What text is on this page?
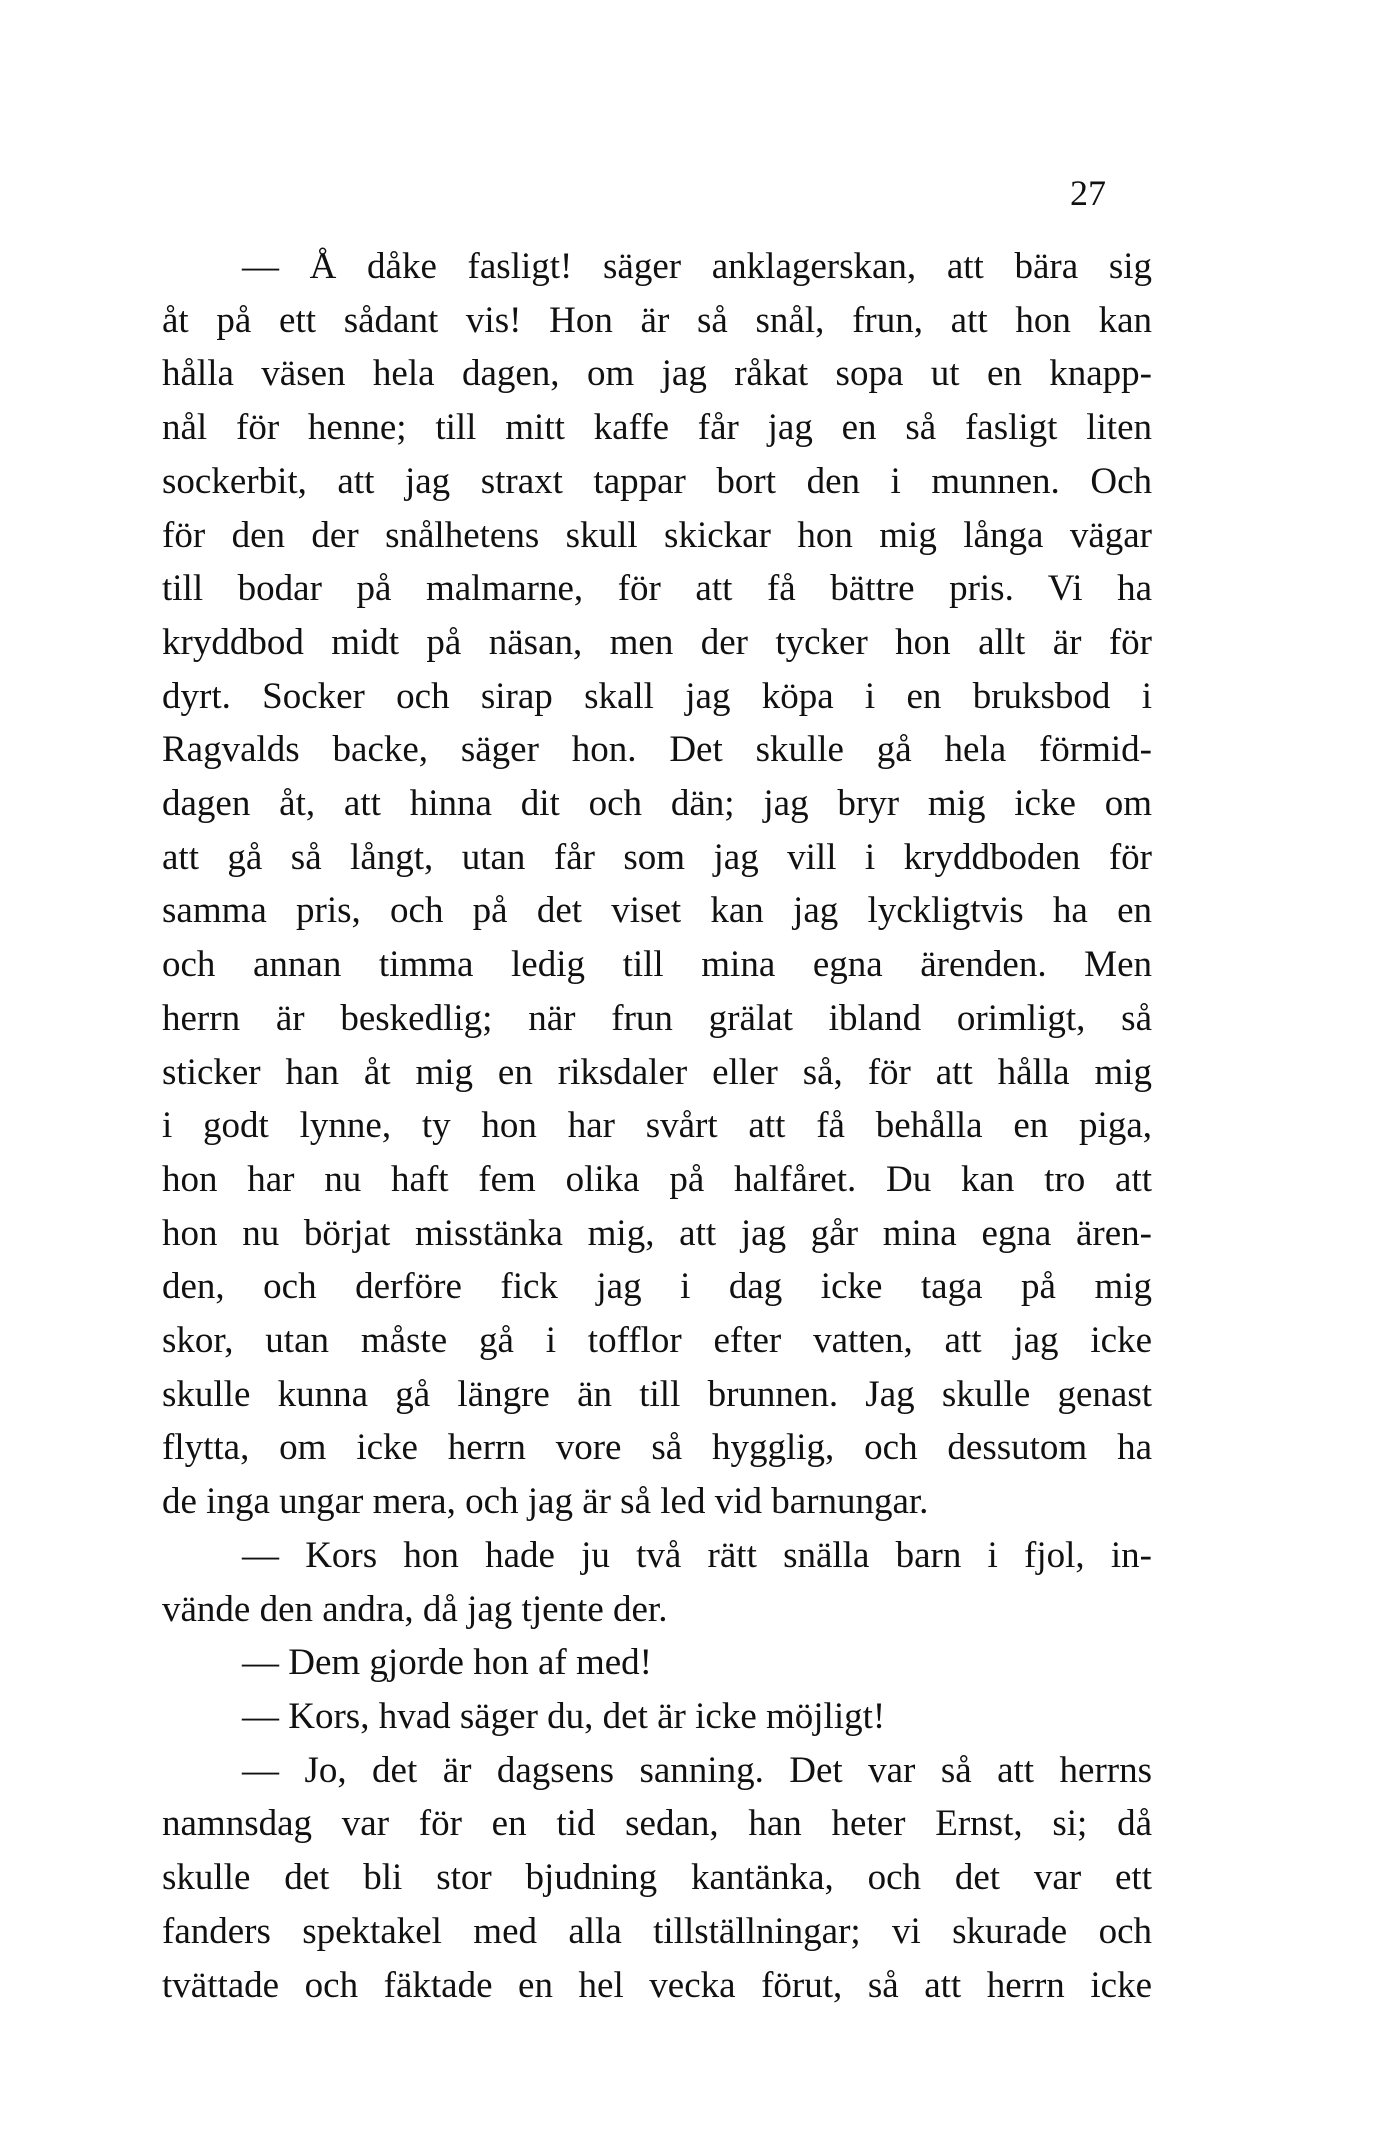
27

— Å dåke fasligt! säger anklagerskan, att bära sig
åt på ett sådant vis! Hon är så snål, frun, att hon kan
hålla väsen hela dagen, om jag råkat sopa ut en knapp-
nål för henne; till mitt kaffe får jag en så fasligt liten
sockerbit, att jag straxt tappar bort den i munnen. Och
för den der snålhetens skull skickar hon mig långa vägar
till bodar på malmarne, för att få bättre pris. Vi ha
kryddbod midt på näsan, men der tycker hon allt är för
dyrt. Socker och sirap skall jag köpa i en bruksbod i
Ragvalds backe, säger hon. Det skulle gå hela förmid-
dagen åt, att hinna dit och dän; jag bryr mig icke om
att gå så långt, utan får som jag vill i kryddboden för
samma pris, och på det viset kan jag lyckligtvis ha en
och annan timma ledig till mina egna ärenden. Men
herrn är beskedlig; när frun grälat ibland orimligt, så
sticker han åt mig en riksdaler eller så, för att hålla mig
i godt lynne, ty hon har svårt att få behålla en piga,
hon har nu haft fem olika på halfåret. Du kan tro att
hon nu börjat misstänka mig, att jag går mina egna ären-
den, och derföre fick jag i dag icke taga på mig
skor, utan måste gå i tofflor efter vatten, att jag icke
skulle kunna gå längre än till brunnen. Jag skulle genast
flytta, om icke herrn vore så hygglig, och dessutom ha
de inga ungar mera, och jag är så led vid barnungar.

— Kors hon hade ju två rätt snälla barn i fjol, in-
vände den andra, då jag tjente der.

— Dem gjorde hon af med!

— Kors, hvad säger du, det är icke möjligt!

— Jo, det är dagsens sanning. Det var så att herrns
namnsdag var för en tid sedan, han heter Ernst, si; då
skulle det bli stor bjudning kantänka, och det var ett
fanders spektakel med alla tillställningar; vi skurade och
tvättade och fäktade en hel vecka förut, så att herrn icke
